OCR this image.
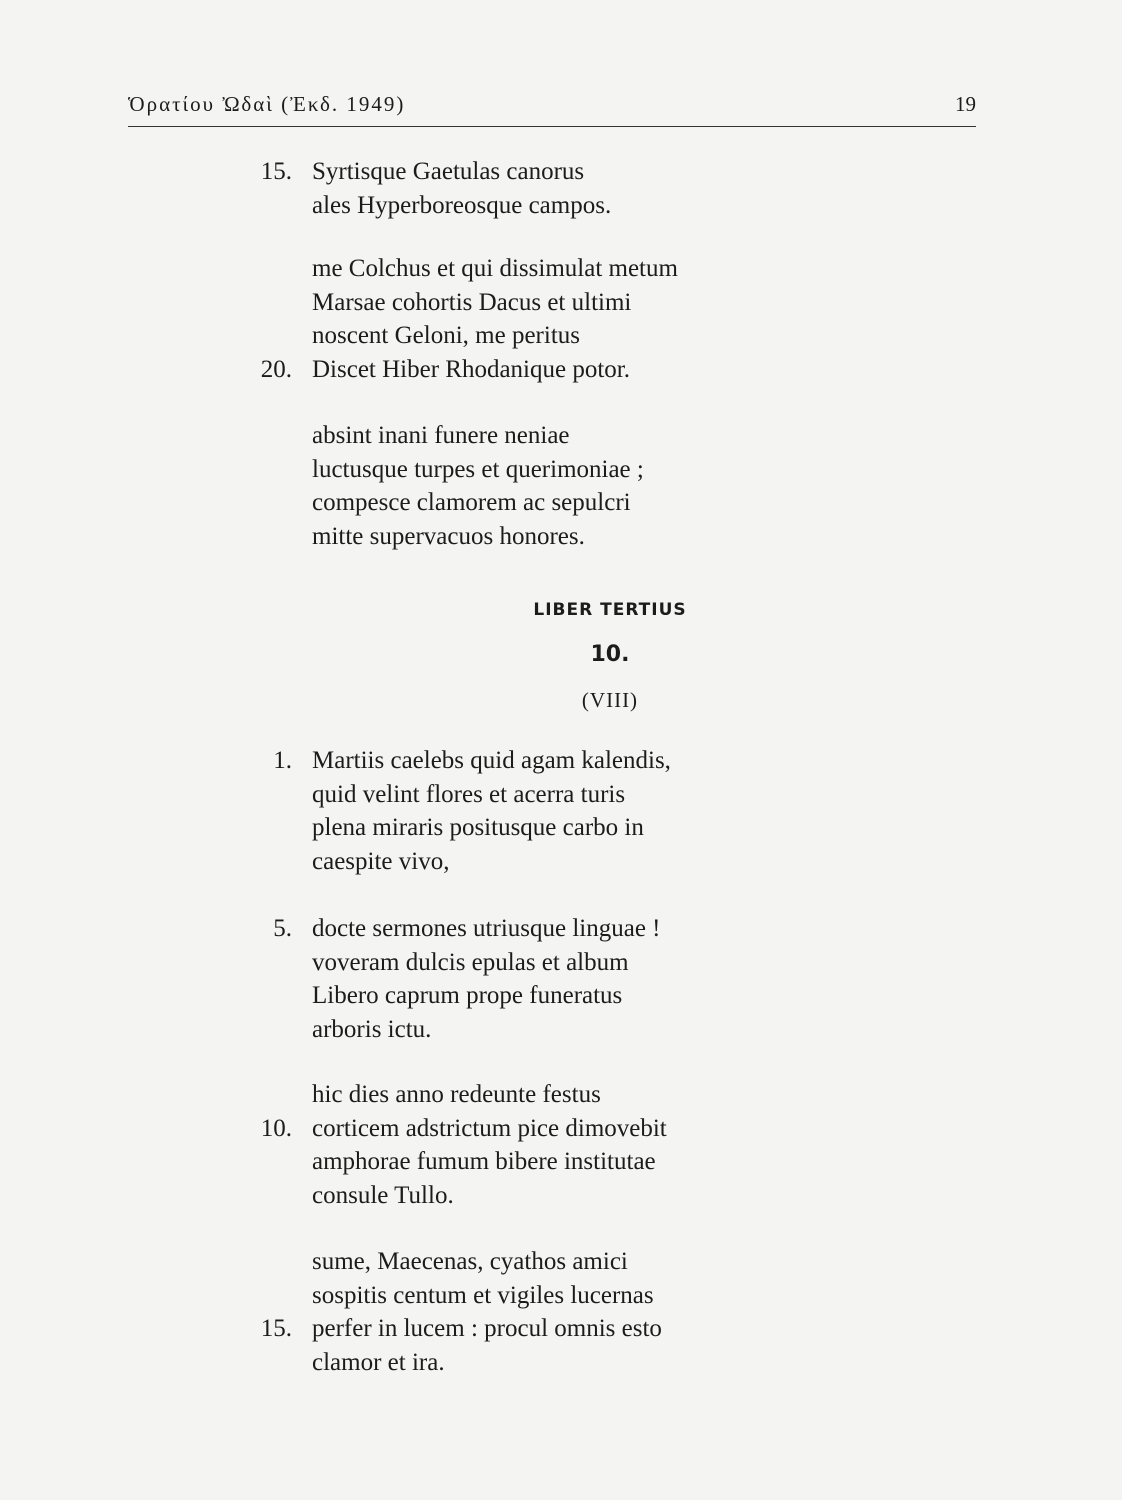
Ὁρατίου Ὠδαὶ (Ἐκδ. 1949)	19
15. Syrtisque Gaetulas canorus
ales Hyperboreosque campos.
me Colchus et qui dissimulat metum
Marsae cohortis Dacus et ultimi
noscent Geloni, me peritus
20. Discet Hiber Rhodanique potor.
absint inani funere neniae
luctusque turpes et querimoniae ;
compesce clamorem ac sepulcri
mitte supervacuos honores.
LIBER TERTIUS
10.
(VIII)
1. Martiis caelebs quid agam kalendis,
quid velint flores et acerra turis
plena miraris positusque carbo in
caespite vivo,
5. docte sermones utriusque linguae !
voveram dulcis epulas et album
Libero caprum prope funeratus
arboris ictu.
hic dies anno redeunte festus
10. corticem adstrictum pice dimovebit
amphorae fumum bibere institutae
consule Tullo.
sume, Maecenas, cyathos amici
sospitis centum et vigiles lucernas
15. perfer in lucem : procul omnis esto
clamor et ira.
